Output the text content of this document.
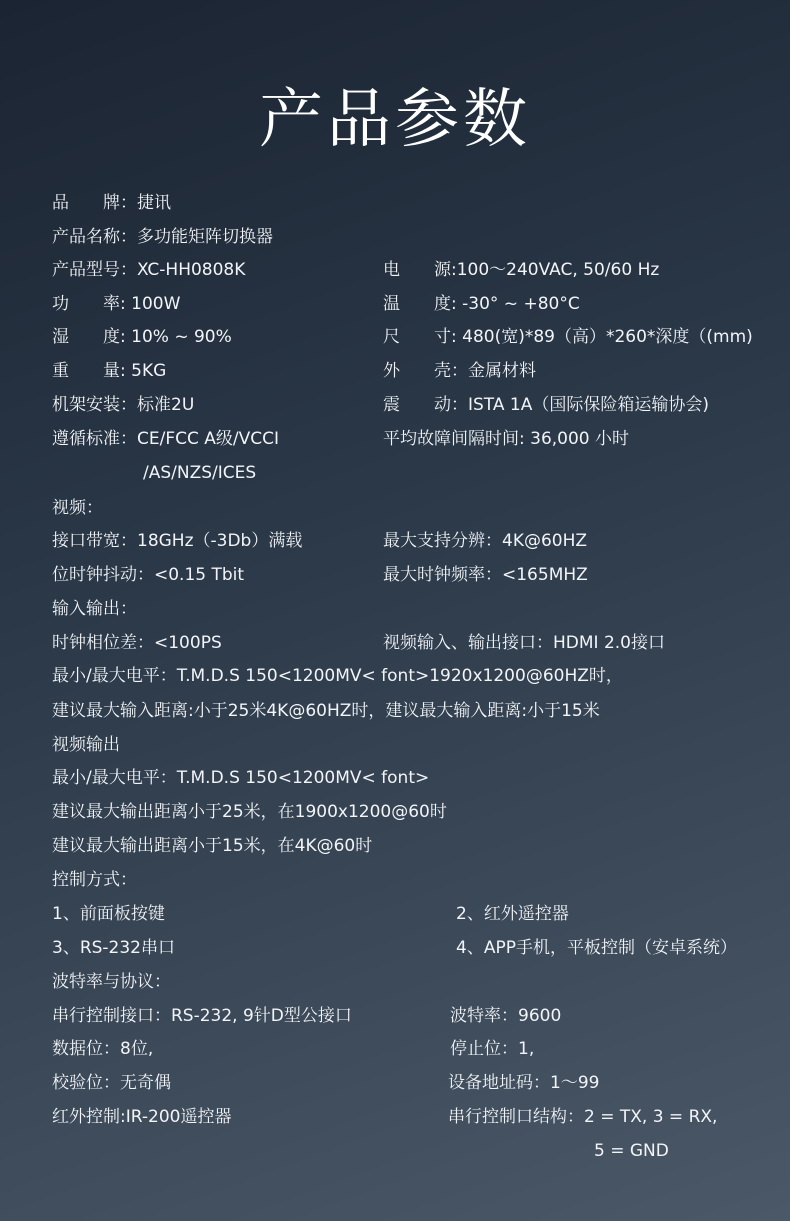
产品参数
品　　牌：捷讯
产品名称：多功能矩阵切换器
产品型号：XC-HH0808K	电　　源:100～240VAC, 50/60 Hz
功　　率: 100W	温　　度: -30° ~ +80°C
湿　　度: 10% ~ 90%	尺　　寸: 480(宽)*89（高）*260*深度（(mm)
重　　量: 5KG	外　　壳：金属材料
机架安装：标准2U	震　　动：ISTA 1A（国际保险箱运输协会)
遵循标准：CE/FCC A级/VCCI	平均故障间隔时间: 36,000 小时
/AS/NZS/ICES
视频：
接口带宽：18GHz（-3Db）满载	最大支持分辨：4K@60HZ
位时钟抖动：<0.15 Tbit	最大时钟频率：<165MHZ
输入输出：
时钟相位差：<100PS	视频输入、输出接口：HDMI 2.0接口
最小/最大电平：T.M.D.S 150<1200MV< font>1920x1200@60HZ时，
建议最大输入距离:小于25米4K@60HZ时，建议最大输入距离:小于15米
视频输出
最小/最大电平：T.M.D.S 150<1200MV< font>
建议最大输出距离小于25米，在1900x1200@60时
建议最大输出距离小于15米，在4K@60时
控制方式：
1、前面板按键	2、红外遥控器
3、RS-232串口	4、APP手机，平板控制（安卓系统）
波特率与协议：
串行控制接口：RS-232, 9针D型公接口	波特率：9600
数据位：8位,	停止位：1,
校验位：无奇偶	设备地址码：1～99
红外控制:IR-200遥控器	串行控制口结构：2 = TX, 3 = RX,
5 = GND
